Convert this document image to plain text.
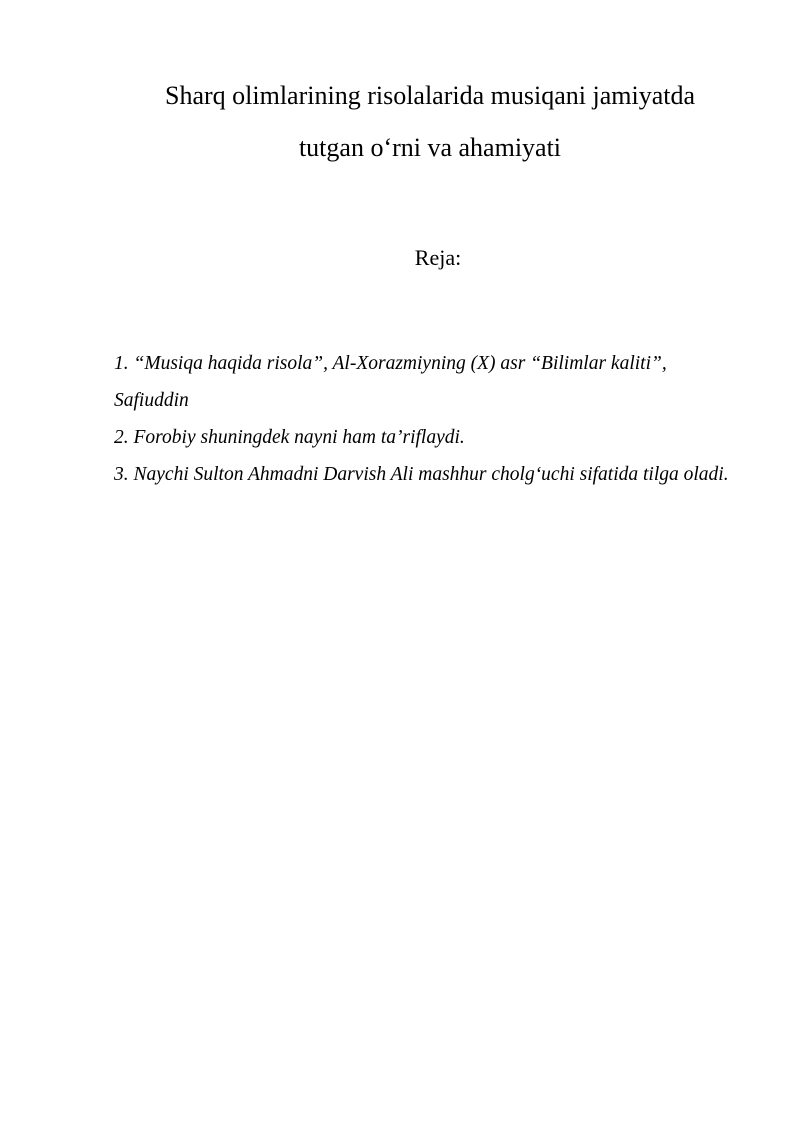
Sharq olimlarining risolalarida musiqani jamiyatda
tutgan o‘rni va ahamiyati
Reja:
1. “Musiqa haqida risola”, Al-Xorazmiyning (X) asr “Bilimlar kaliti”, Safiuddin
2. Forobiy shuningdek nayni ham ta’riflaydi.
3. Naychi Sulton Ahmadni Darvish Ali mashhur cholg‘uchi sifatida tilga oladi.
